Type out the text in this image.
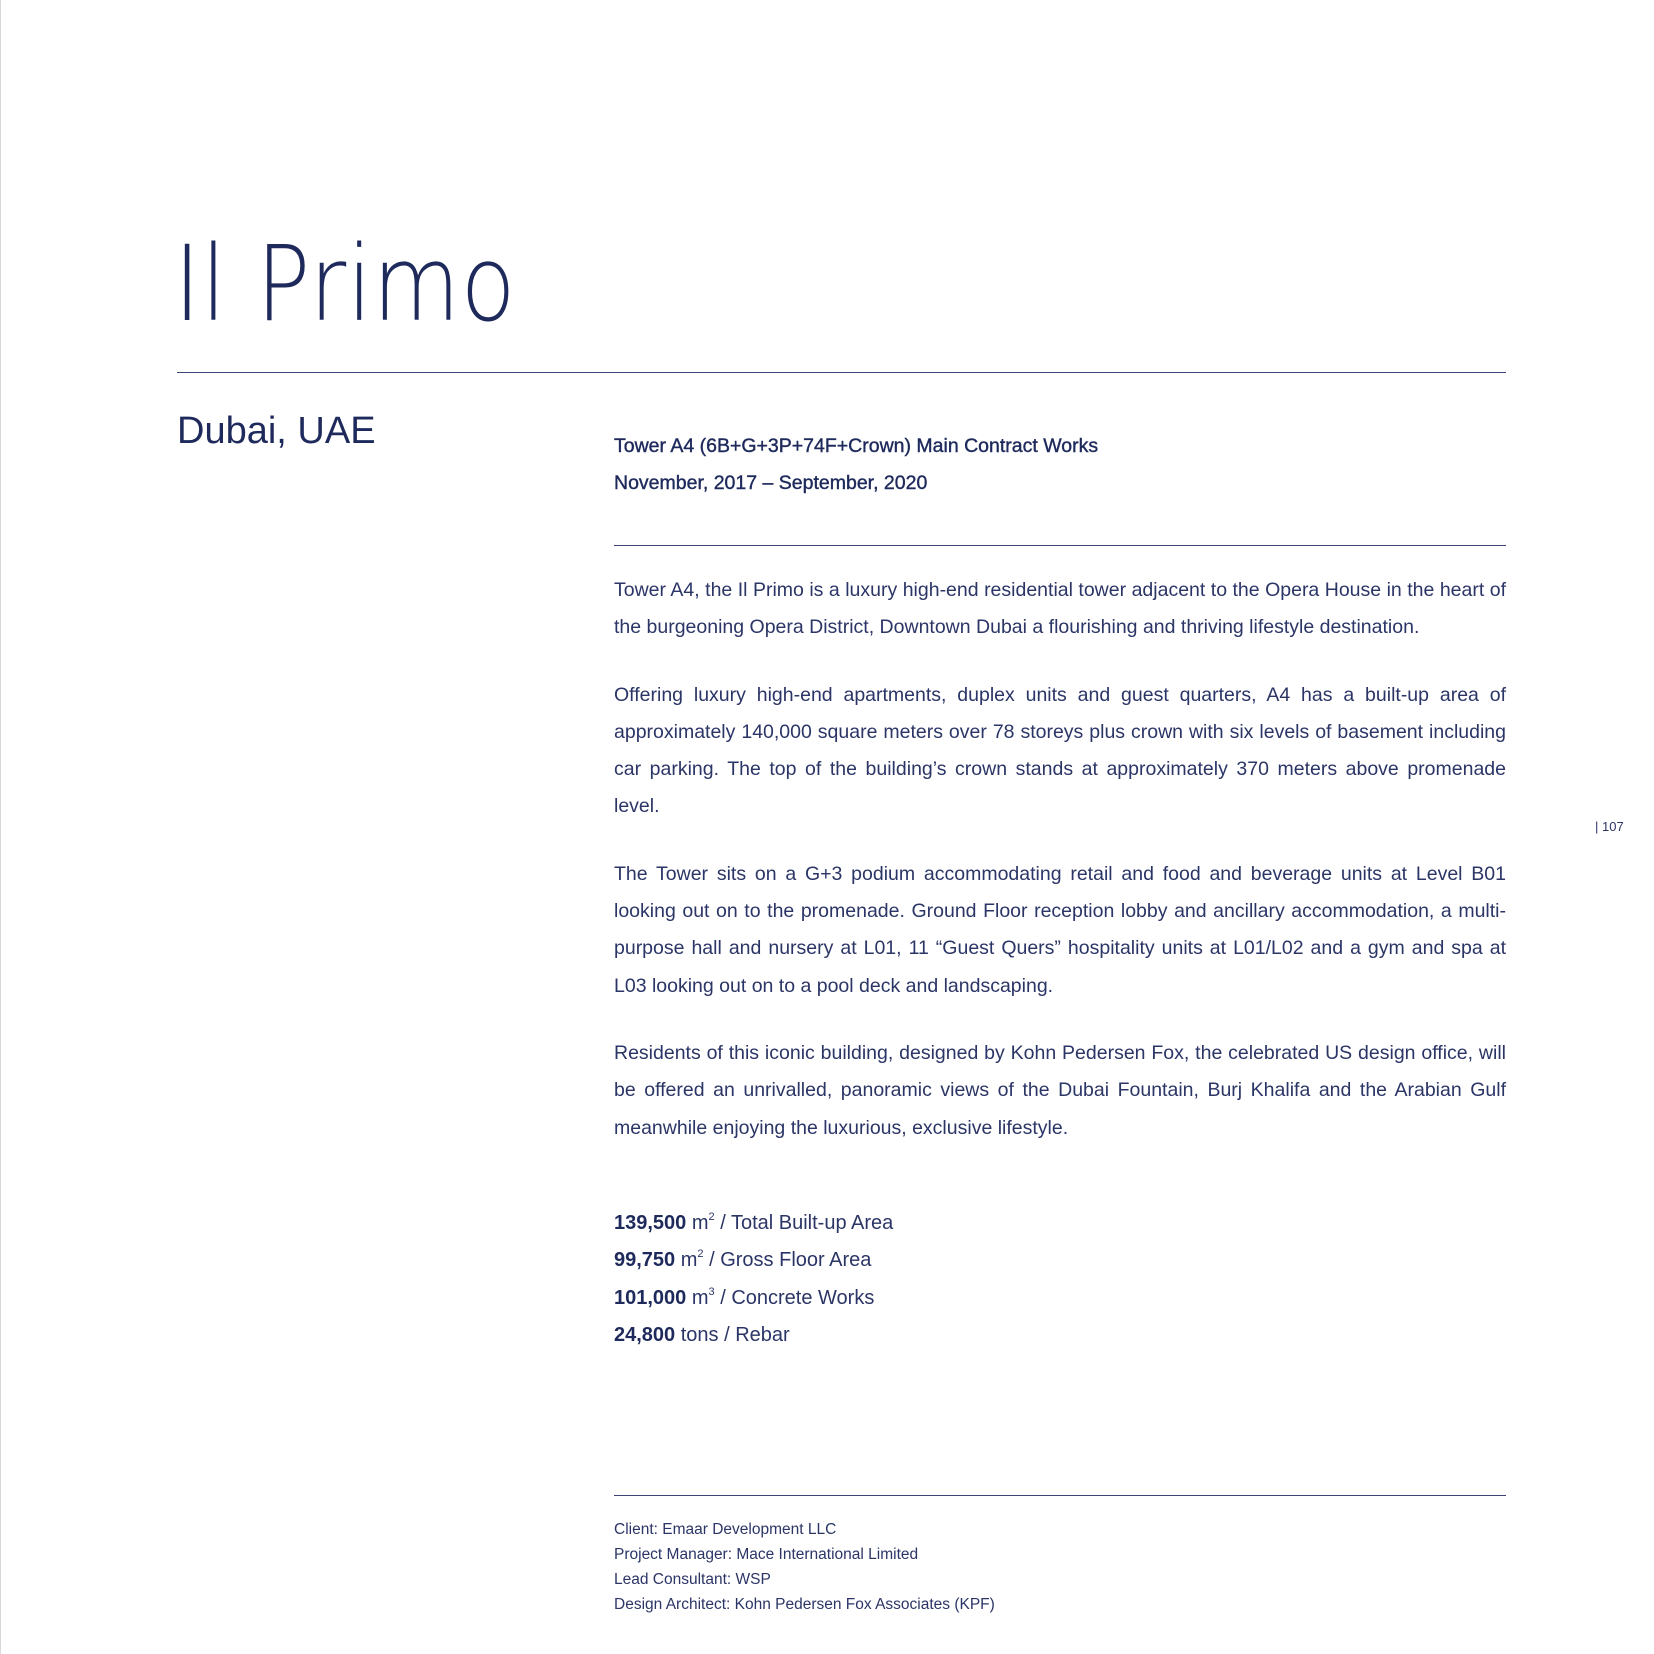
Il Primo
Dubai, UAE	Tower A4 (6B+G+3P+74F+Crown) Main Contract Works
November, 2017 – September, 2020

Tower A4, the Il Primo is a luxury high-end residential tower adjacent to the Opera House in the heart of the burgeoning Opera District, Downtown Dubai a flourishing and thriving lifestyle destination.

Offering luxury high-end apartments, duplex units and guest quarters, A4 has a built-up area of approximately 140,000 square meters over 78 storeys plus crown with six levels of basement including car parking. The top of the building’s crown stands at approximately 370 meters above promenade level.

The Tower sits on a G+3 podium accommodating retail and food and beverage units at Level B01 looking out on to the promenade. Ground Floor reception lobby and ancillary accommodation, a multi-purpose hall and nursery at L01, 11 “Guest Quers” hospitality units at L01/L02 and a gym and spa at L03 looking out on to a pool deck and landscaping.

Residents of this iconic building, designed by Kohn Pedersen Fox, the celebrated US design office, will be offered an unrivalled, panoramic views of the Dubai Fountain, Burj Khalifa and the Arabian Gulf meanwhile enjoying the luxurious, exclusive lifestyle.

139,500 $m^2$ / Total Built-up Area
99,750 $m^2$ / Gross Floor Area
101,000 $m^3$ / Concrete Works
24,800 tons / Rebar
Client: Emaar Development LLC
Project Manager: Mace International Limited
Lead Consultant: WSP
Design Architect: Kohn Pedersen Fox Associates (KPF)
| 107
